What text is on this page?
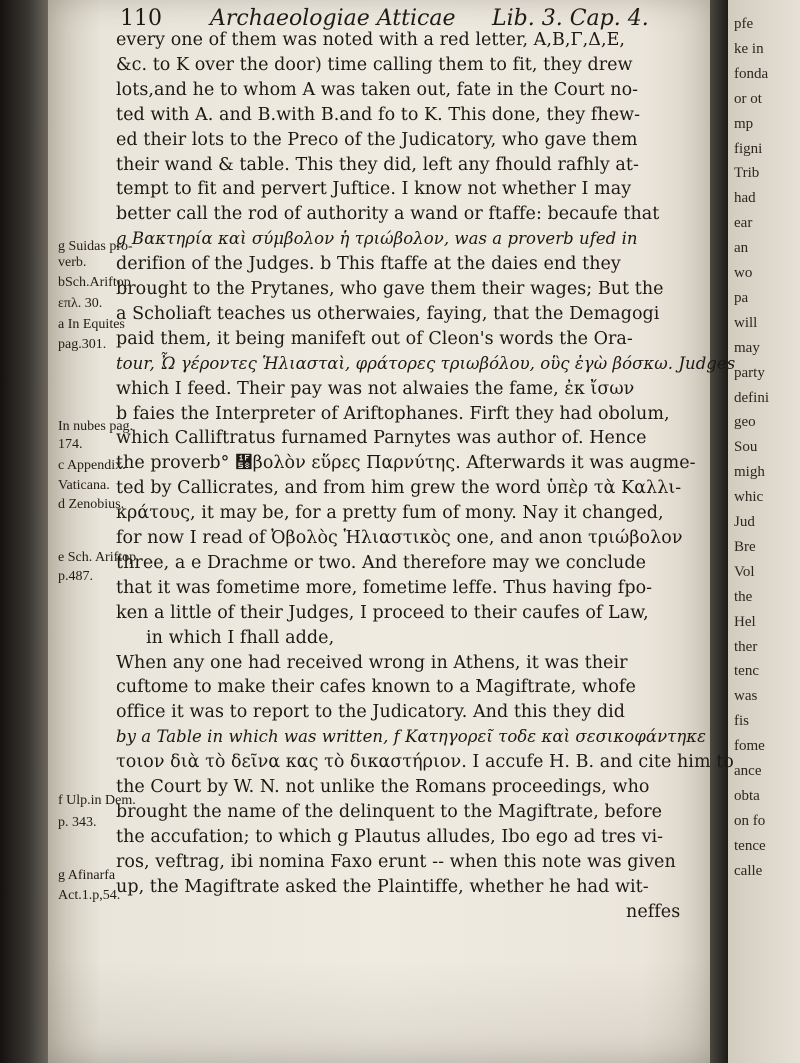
pfe
ke in
fonda
or ot
mp
figni
Trib
had
ear
an
wo
pa
will
may
party
defini
geo
Sou
migh
whic
Jud
Bre
Vol
the
Hel
ther
tenc
was
fis
fome
ance
obta
on fo
tence
calle
110 Archaeologiae Atticae Lib. 3. Cap. 4.
g Suidas pro-
verb.
bSch.Ariftop
επλ. 30.
a In Equites
pag.301.
In nubes pag.
174.
c Appendix.
Vaticana.
d Zenobius.
e Sch. Ariftop
p.487.
f Ulp.in Dem.
p. 343.
g Afinarfa
Act.1.p,54.
every one of them was noted with a red letter, A,B,Γ,Δ,E,
&c. to K over the door) time calling them to fit, they drew
lots,and he to whom A was taken out, fate in the Court no-
ted with A. and B.with B.and fo to K. This done, they fhew-
ed their lots to the Preco of the Judicatory, who gave them
their wand & table. This they did, left any fhould rafhly at-
tempt to fit and pervert Juftice. I know not whether I may
better call the rod of authority a wand or ftaffe: becaufe that
g Βακτηρία καὶ σύμβολον ἡ τριώβολον, was a proverb ufed in
derifion of the Judges. b This ftaffe at the daies end they
brought to the Prytanes, who gave them their wages; But the
a Scholiaft teaches us otherwaies, faying, that the Demagogi
paid them, it being manifeft out of Cleon's words the Ora-
tour, Ὦ γέροντες Ἡλιασταὶ, φράτορες τριωβόλου, οὓς ἐγὼ βόσκω. Judges
which I feed. Their pay was not alwaies the fame, ἐκ ἴσων
b faies the Interpreter of Ariftophanes. Firft they had obolum,
which Calliftratus furnamed Parnytes was author of. Hence
the proverb° ὘βολὸν εὕρες Παρνύτης. Afterwards it was augme-
ted by Callicrates, and from him grew the word ὑπὲρ τὰ Καλλι-
κράτους, it may be, for a pretty fum of mony. Nay it changed,
for now I read of Ὀβολὸς Ἡλιαστικὸς one, and anon τριώβολον
three, a e Drachme or two. And therefore may we conclude
that it was fometime more, fometime leffe. Thus having fpo-
ken a little of their Judges, I proceed to their caufes of Law,
in which I fhall adde,
When any one had received wrong in Athens, it was their
cuftome to make their cafes known to a Magiftrate, whofe
office it was to report to the Judicatory. And this they did
by a Table in which was written, f Κατηγορεῖ τοδε καὶ σεσικοφάντηκε
τοιον διὰ τὸ δεῖνα κας τὸ δικαστήριον. I accufe H. B. and cite him to
the Court by W. N. not unlike the Romans proceedings, who
brought the name of the delinquent to the Magiftrate, before
the accufation; to which g Plautus alludes, Ibo ego ad tres vi-
ros, veftrag, ibi nomina Faxo erunt -- when this note was given
up, the Magiftrate asked the Plaintiffe, whether he had wit-
neffes
